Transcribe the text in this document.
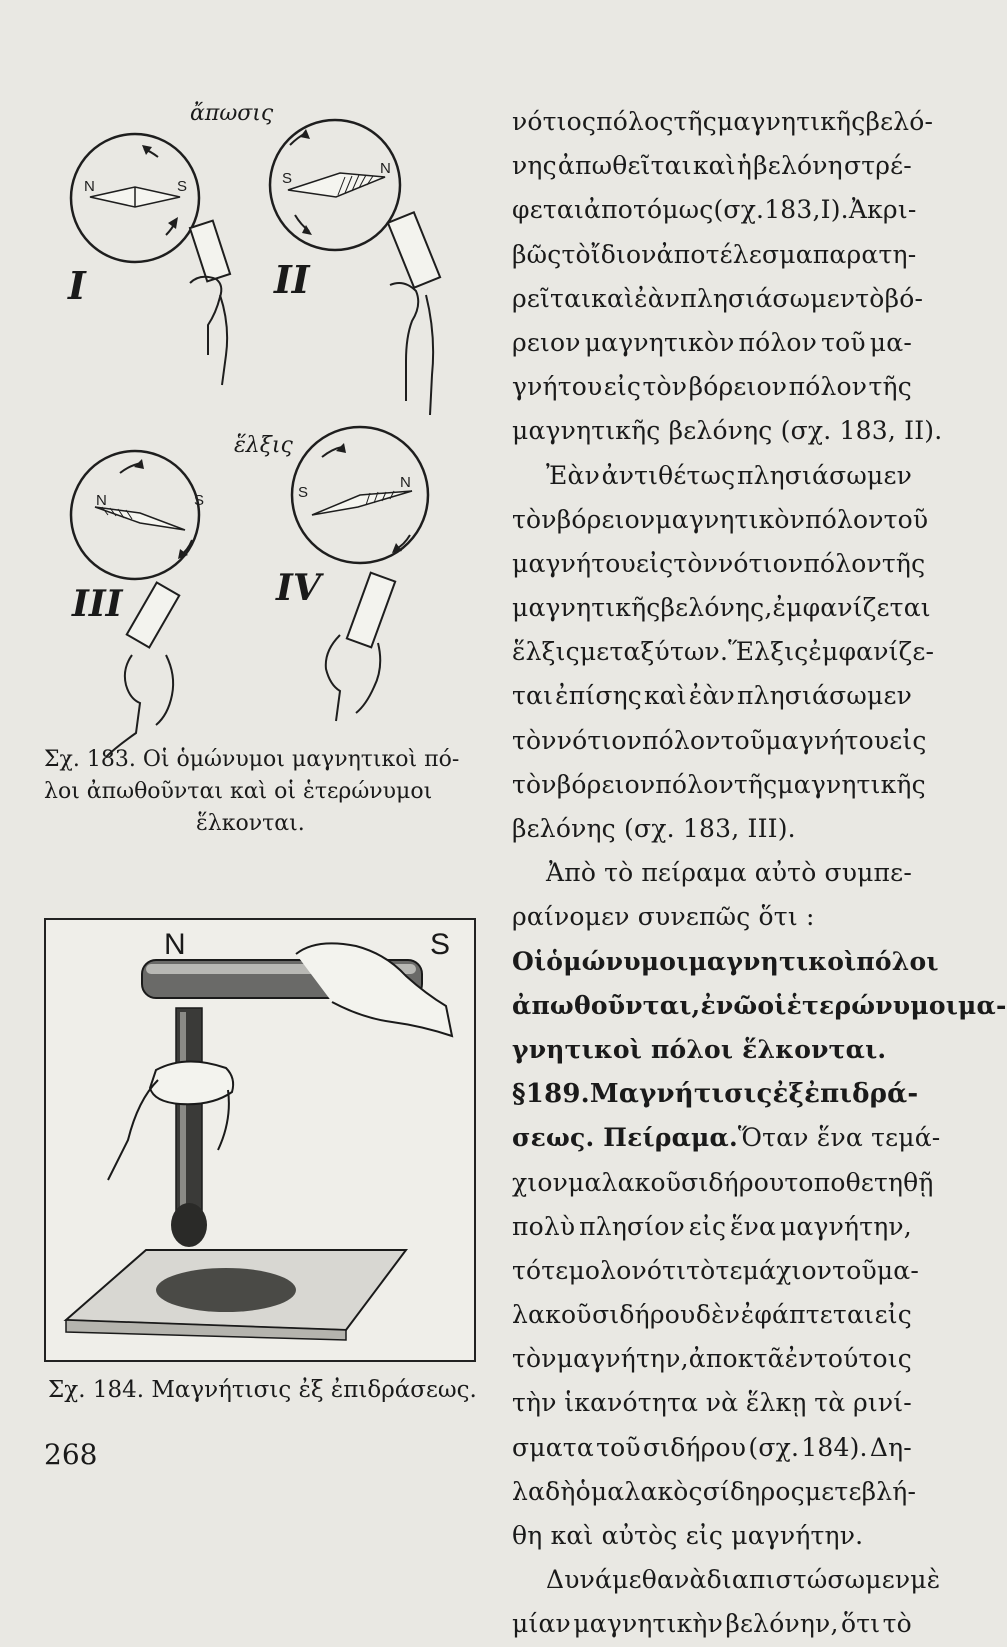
N	S	S
N
N	S	S
N
ἄπωσις
ἕλξις
I	II
III	IV
Σχ. 183. Οἱ ὁμώνυμοι μαγνητικοὶ πό-
λοι ἀπωθοῦνται καὶ οἱ ἑτερώνυμοι
ἕλκονται.
N	S
Σχ. 184. Μαγνήτισις ἐξ ἐπιδράσεως.
νότιος πόλος τῆς μαγνητικῆς βελό-
νης ἀπωθεῖται καὶ ἡ βελόνη στρέ-
φεται ἀποτόμως (σχ. 183, Ι). Ἀκρι-
βῶς τὸ ἴδιον ἀποτέλεσμα παρατη-
ρεῖται καὶ ἐὰν πλησιάσωμεν τὸ βό-
ρειον μαγνητικὸν πόλον τοῦ μα-
γνήτου εἰς τὸν βόρειον πόλον τῆς
μαγνητικῆς βελόνης (σχ. 183, ΙΙ).
Ἐὰν ἀντιθέτως πλησιάσωμεν
τὸν βόρειον μαγνητικὸν πόλον τοῦ
μαγνήτου εἰς τὸν νότιον πόλον τῆς
μαγνητικῆς βελόνης, ἐμφανίζεται
ἕλξις μεταξύ των. Ἕλξις ἐμφανίζε-
ται ἐπίσης καὶ ἐὰν πλησιάσωμεν
τὸν νότιον πόλον τοῦ μαγνήτου εἰς
τὸν βόρειον πόλον τῆς μαγνητικῆς
βελόνης (σχ. 183, ΙΙΙ).
Ἀπὸ τὸ πείραμα αὐτὸ συμπε-
ραίνομεν συνεπῶς ὅτι :
Οἱ ὁμώνυμοι μαγνητικοὶ πόλοι
ἀπωθοῦνται, ἐνῶ οἱ ἑτερώνυμοι μα-
γνητικοὶ πόλοι ἕλκονται.
§ 189. Μαγνήτισις ἐξ ἐπιδρά-
σεως. Πείραμα. Ὅταν ἕνα τεμά-
χιον μαλακοῦ σιδήρου τοποθετηθῇ
πολὺ πλησίον εἰς ἕνα μαγνήτην,
τότε μολονότι τὸ τεμάχιον τοῦ μα-
λακοῦ σιδήρου δὲν ἐφάπτεται εἰς
τὸν μαγνήτην, ἀποκτᾶ ἐν τούτοις
τὴν ἱκανότητα νὰ ἕλκῃ τὰ ρινί-
σματα τοῦ σιδήρου (σχ. 184). Δη-
λαδὴ ὁ μαλακὸς σίδηρος μετεβλή-
θη καὶ αὐτὸς εἰς μαγνήτην.
Δυνάμεθα νὰ διαπιστώσωμεν μὲ
μίαν μαγνητικὴν βελόνην, ὅτι τὸ
268
